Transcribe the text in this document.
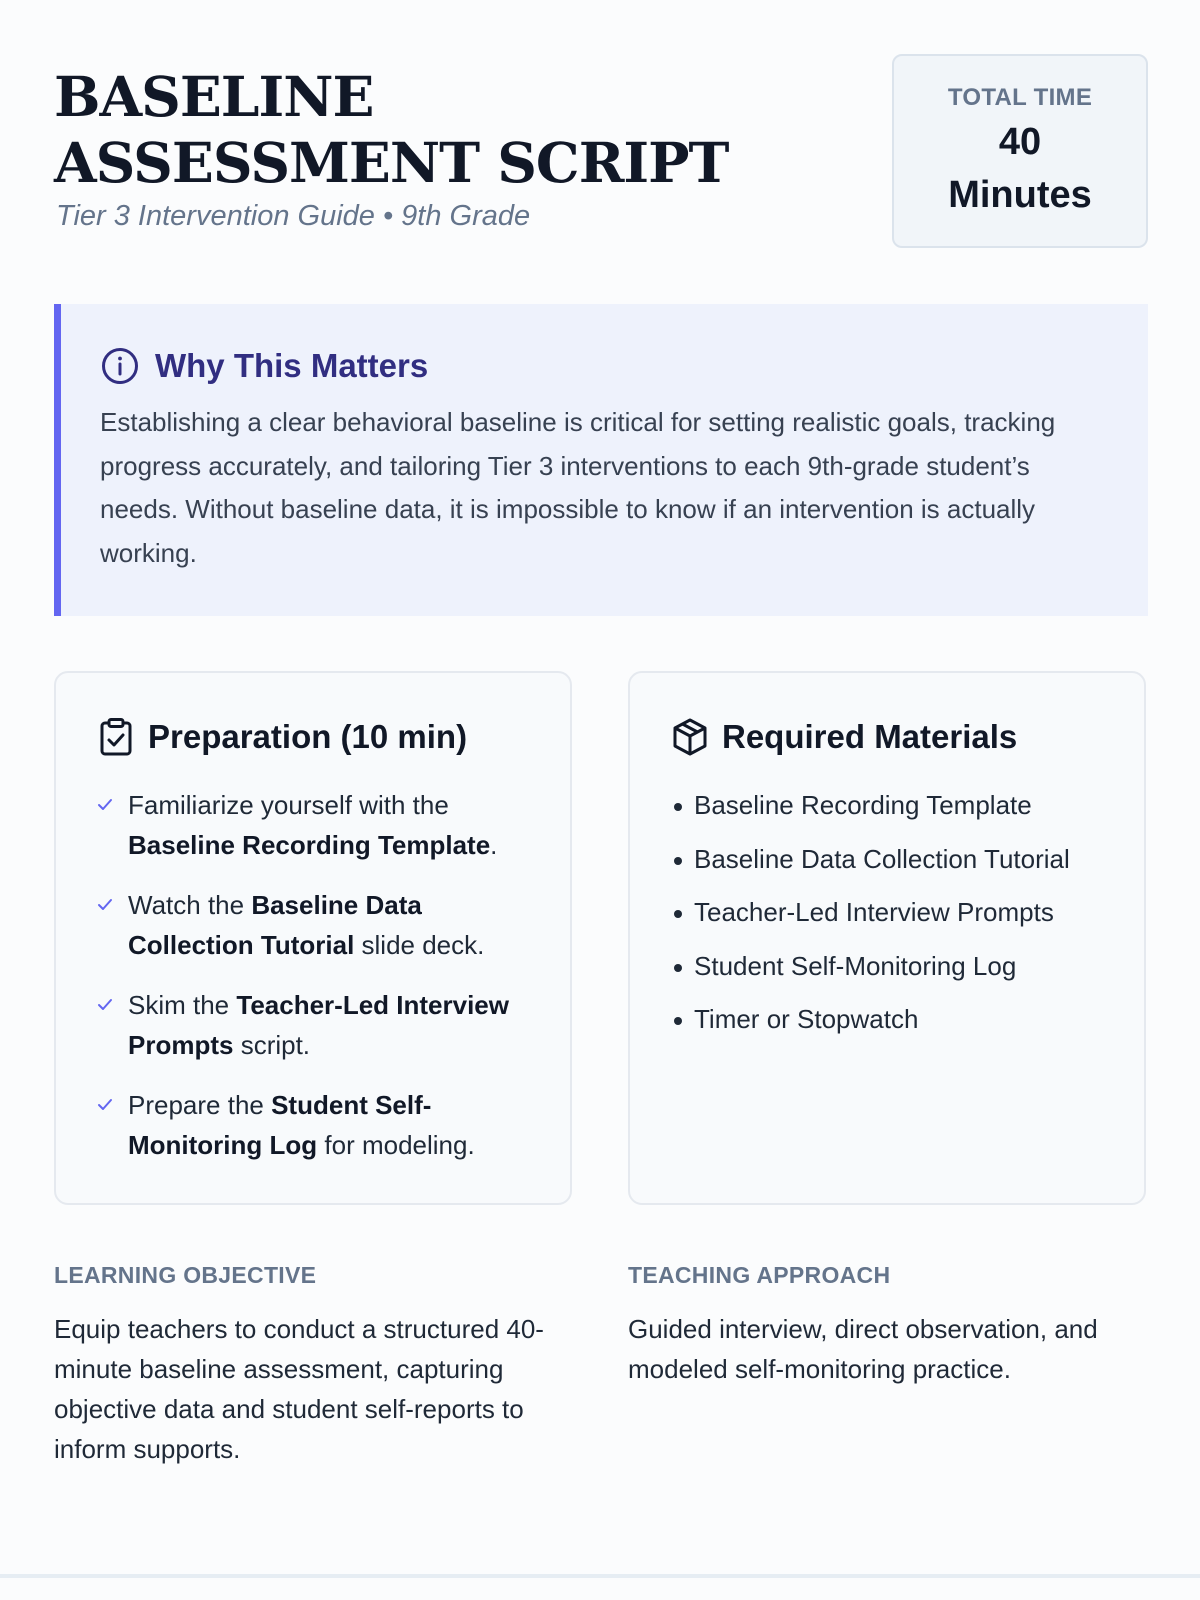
BASELINE ASSESSMENT SCRIPT
Tier 3 Intervention Guide • 9th Grade
TOTAL TIME
40 Minutes
Why This Matters
Establishing a clear behavioral baseline is critical for setting realistic goals, tracking progress accurately, and tailoring Tier 3 interventions to each 9th-grade student’s needs. Without baseline data, it is impossible to know if an intervention is actually working.
Preparation (10 min)
Familiarize yourself with the Baseline Recording Template.
Watch the Baseline Data Collection Tutorial slide deck.
Skim the Teacher-Led Interview Prompts script.
Prepare the Student Self-Monitoring Log for modeling.
Required Materials
Baseline Recording Template
Baseline Data Collection Tutorial
Teacher-Led Interview Prompts
Student Self-Monitoring Log
Timer or Stopwatch
LEARNING OBJECTIVE
Equip teachers to conduct a structured 40-minute baseline assessment, capturing objective data and student self-reports to inform supports.
TEACHING APPROACH
Guided interview, direct observation, and modeled self-monitoring practice.
